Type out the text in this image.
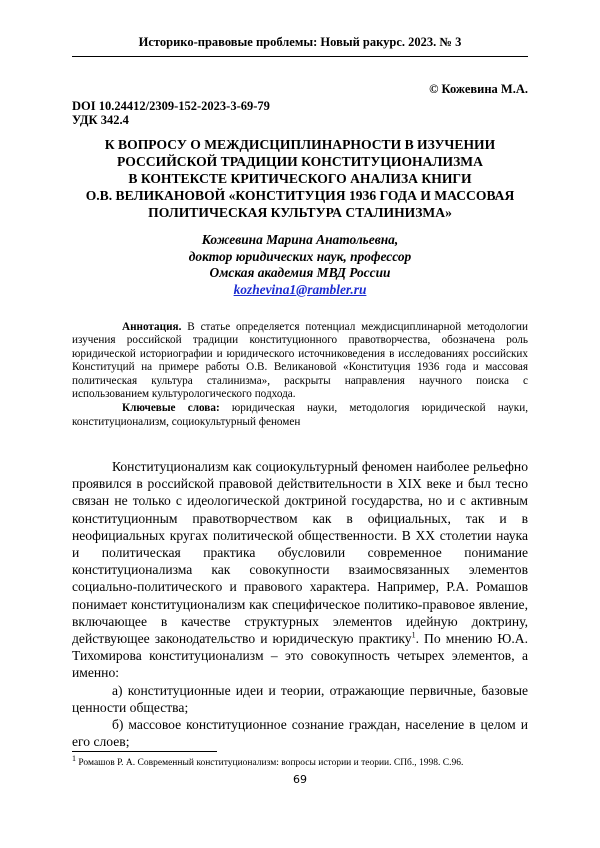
Историко-правовые проблемы: Новый ракурс. 2023. № 3
© Кожевина М.А.
DOI 10.24412/2309-152-2023-3-69-79
УДК 342.4
К ВОПРОСУ О МЕЖДИСЦИПЛИНАРНОСТИ В ИЗУЧЕНИИ
РОССИЙСКОЙ ТРАДИЦИИ КОНСТИТУЦИОНАЛИЗМА
В КОНТЕКСТЕ КРИТИЧЕСКОГО АНАЛИЗА КНИГИ
О.В. ВЕЛИКАНОВОЙ «КОНСТИТУЦИЯ 1936 ГОДА И МАССОВАЯ
ПОЛИТИЧЕСКАЯ КУЛЬТУРА СТАЛИНИЗМА»
Кожевина Марина Анатольевна,
доктор юридических наук, профессор
Омская академия МВД России
kozhevina1@rambler.ru

Аннотация. В статье определяется потенциал междисциплинарной методологии изучения российской традиции конституционного правотворчества, обозначена роль юридической историографии и юридического источниковедения в исследованиях российских Конституций на примере работы О.В. Великановой «Конституция 1936 года и массовая политическая культура сталинизма», раскрыты направления научного поиска с использованием культурологического подхода.

Ключевые слова: юридическая науки, методология юридической науки, конституционализм, социокультурный феномен

Конституционализм как социокультурный феномен наиболее рельефно проявился в российской правовой действительности в XIX веке и был тесно связан не только с идеологической доктриной государства, но и с активным конституционным правотворчеством как в официальных, так и в неофициальных кругах политической общественности. В XX столетии наука и политическая практика обусловили современное понимание конституционализма как совокупности взаимосвязанных элементов социально-политического и правового характера. Например, Р.А. Ромашов понимает конституционализм как специфическое политико-правовое явление, включающее в качестве структурных элементов идейную доктрину, действующее законодательство и юридическую практику$^1$. По мнению Ю.А. Тихомирова конституционализм – это совокупность четырех элементов, а именно:

а) конституционные идеи и теории, отражающие первичные, базовые ценности общества;

б) массовое конституционное сознание граждан, население в целом и его слоев;

$^1$ Ромашов Р. А. Современный конституционализм: вопросы истории и теории. СПб., 1998. С.96.
69
